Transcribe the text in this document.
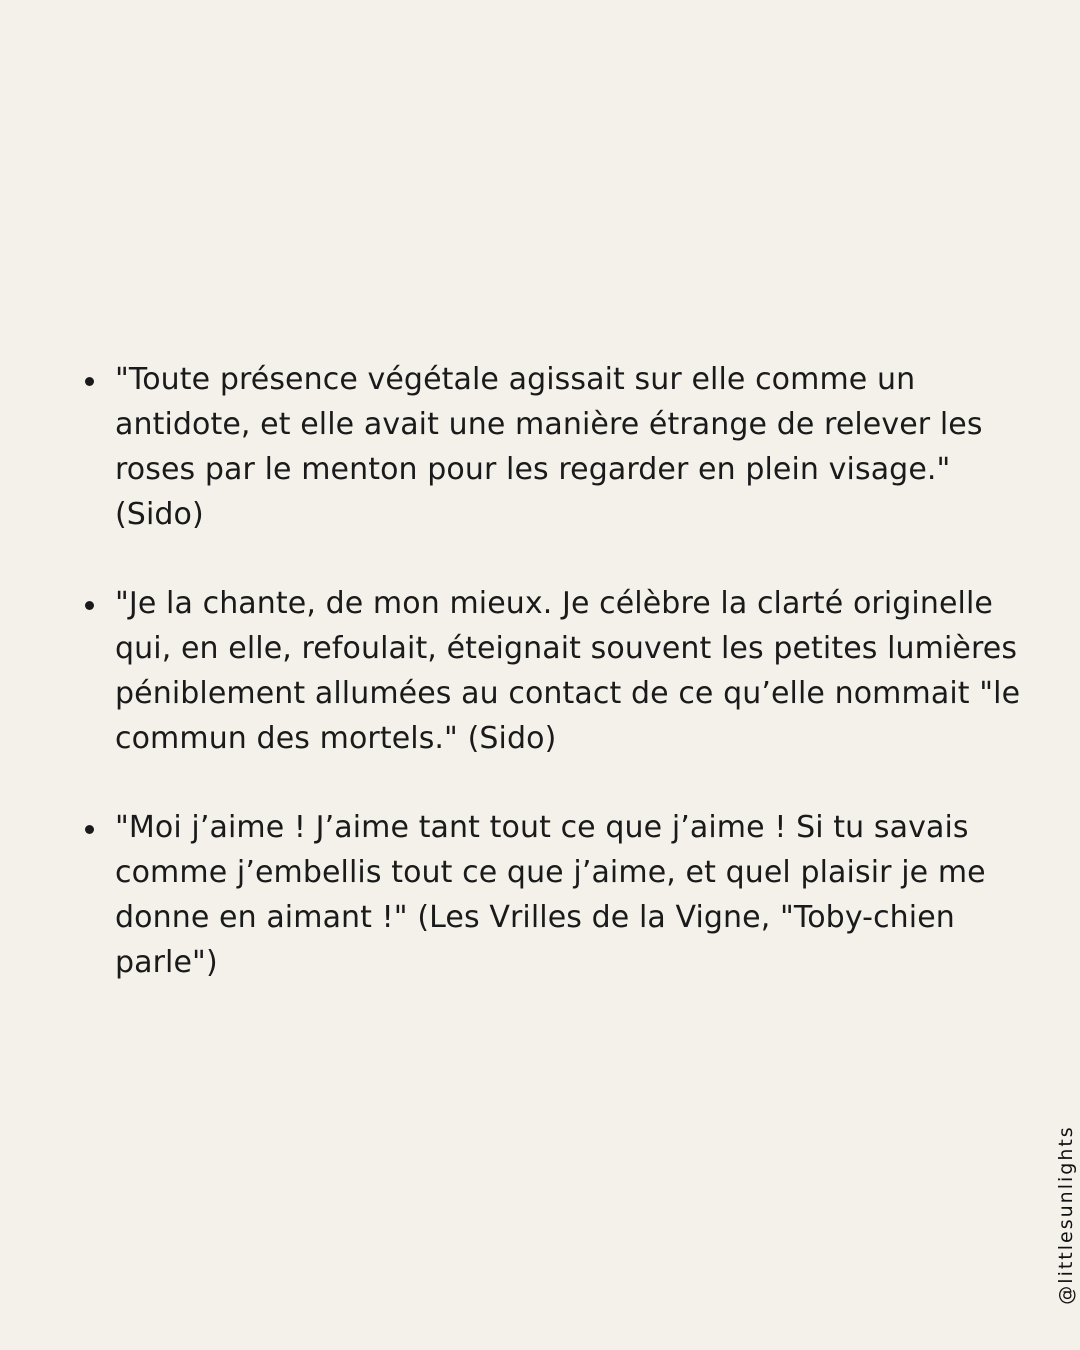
"Toute présence végétale agissait sur elle comme un antidote, et elle avait une manière étrange de relever les roses par le menton pour les regarder en plein visage." (Sido)
"Je la chante, de mon mieux. Je célèbre la clarté originelle qui, en elle, refoulait, éteignait souvent les petites lumières péniblement allumées au contact de ce qu’elle nommait "le commun des mortels." (Sido)
"Moi j’aime ! J’aime tant tout ce que j’aime ! Si tu savais comme j’embellis tout ce que j’aime, et quel plaisir je me donne en aimant !" (Les Vrilles de la Vigne, "Toby-chien parle")
@littlesunlights
